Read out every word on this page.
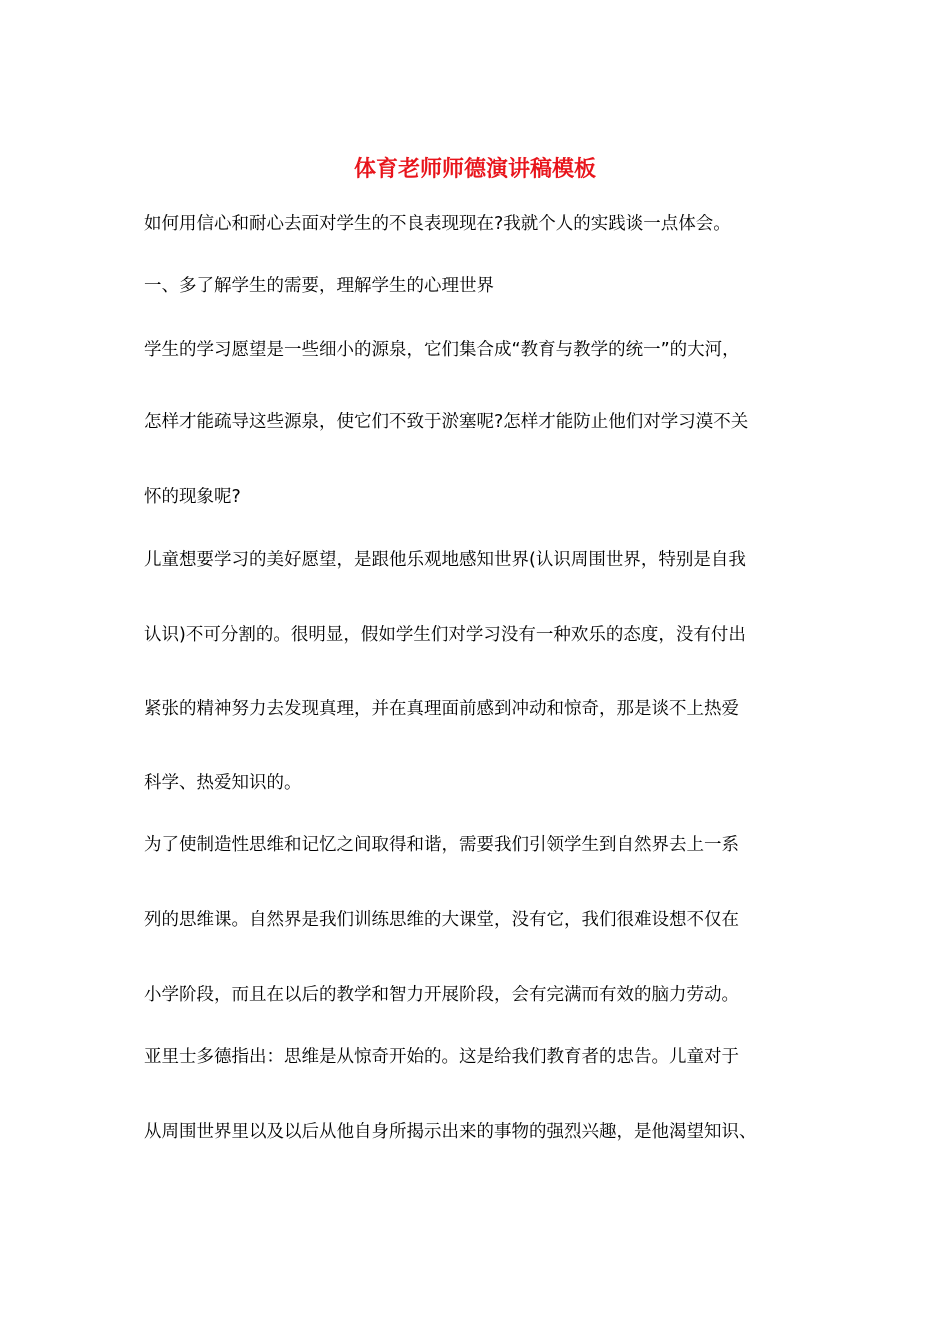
体育老师师德演讲稿模板

如何用信心和耐心去面对学生的不良表现现在?我就个人的实践谈一点体会。

一、多了解学生的需要，理解学生的心理世界

学生的学习愿望是一些细小的源泉，它们集合成“教育与教学的统一”的大河，

怎样才能疏导这些源泉，使它们不致于淤塞呢?怎样才能防止他们对学习漠不关

怀的现象呢?

儿童想要学习的美好愿望，是跟他乐观地感知世界(认识周围世界，特别是自我

认识)不可分割的。很明显，假如学生们对学习没有一种欢乐的态度，没有付出

紧张的精神努力去发现真理，并在真理面前感到冲动和惊奇，那是谈不上热爱

科学、热爱知识的。

为了使制造性思维和记忆之间取得和谐，需要我们引领学生到自然界去上一系

列的思维课。自然界是我们训练思维的大课堂，没有它，我们很难设想不仅在

小学阶段，而且在以后的教学和智力开展阶段，会有完满而有效的脑力劳动。

亚里士多德指出：思维是从惊奇开始的。这是给我们教育者的忠告。儿童对于

从周围世界里以及以后从他自身所揭示出来的事物的强烈兴趣，是他渴望知识、
